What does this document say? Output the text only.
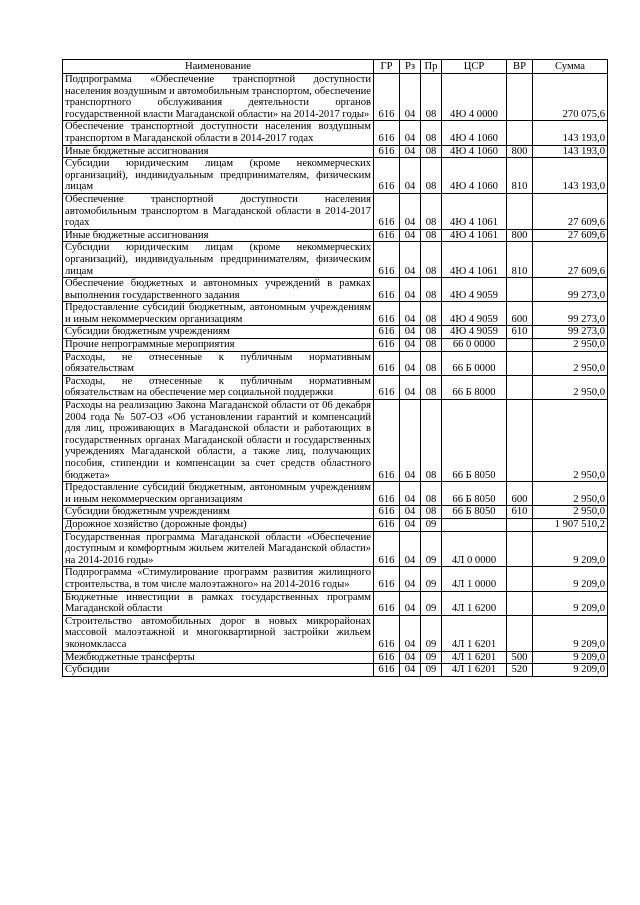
Наименование	ГР	Рз	Пр	ЦСР	ВР	Сумма
Подпрограмма «Обеспечение транспортной доступности населения воздушным и автомобильным транспортом, обеспечение транспортного обслуживания деятельности органов государственной власти Магаданской области» на 2014-2017 годы»	616	04	08	4Ю 4 0000		270 075,6
Обеспечение транспортной доступности населения воздушным транспортом в Магаданской области в 2014-2017 годах	616	04	08	4Ю 4 1060		143 193,0
Иные бюджетные ассигнования	616	04	08	4Ю 4 1060	800	143 193,0
Субсидии юридическим лицам (кроме некоммерческих организаций), индивидуальным предпринимателям, физическим лицам	616	04	08	4Ю 4 1060	810	143 193,0
Обеспечение транспортной доступности населения автомобильным транспортом в Магаданской области в 2014-2017 годах	616	04	08	4Ю 4 1061		27 609,6
Иные бюджетные ассигнования	616	04	08	4Ю 4 1061	800	27 609,6
Субсидии юридическим лицам (кроме некоммерческих организаций), индивидуальным предпринимателям, физическим лицам	616	04	08	4Ю 4 1061	810	27 609,6
Обеспечение бюджетных и автономных учреждений в рамках выполнения государственного задания	616	04	08	4Ю 4 9059		99 273,0
Предоставление субсидий бюджетным, автономным учреждениям и иным некоммерческим организациям	616	04	08	4Ю 4 9059	600	99 273,0
Субсидии бюджетным учреждениям	616	04	08	4Ю 4 9059	610	99 273,0
Прочие непрограммные мероприятия	616	04	08	66 0 0000		2 950,0
Расходы, не отнесенные к публичным нормативным обязательствам	616	04	08	66 Б 0000		2 950,0
Расходы, не отнесенные к публичным нормативным обязательствам на обеспечение мер социальной поддержки	616	04	08	66 Б 8000		2 950,0
Расходы на реализацию Закона Магаданской области от 06 декабря 2004 года № 507-ОЗ «Об установлении гарантий и компенсаций для лиц, проживающих в Магаданской области и работающих в государственных органах Магаданской области и государственных учреждениях Магаданской области, а также лиц, получающих пособия, стипендии и компенсации за счет средств областного бюджета»	616	04	08	66 Б 8050		2 950,0
Предоставление субсидий бюджетным, автономным учреждениям и иным некоммерческим организациям	616	04	08	66 Б 8050	600	2 950,0
Субсидии бюджетным учреждениям	616	04	08	66 Б 8050	610	2 950,0
Дорожное хозяйство (дорожные фонды)	616	04	09			1 907 510,2
Государственная программа Магаданской области «Обеспечение доступным и комфортным жильем жителей Магаданской области» на 2014-2016 годы»	616	04	09	4Л 0 0000		9 209,0
Подпрограмма «Стимулирование программ развития жилищного строительства, в том числе малоэтажного» на 2014-2016 годы»	616	04	09	4Л 1 0000		9 209,0
Бюджетные инвестиции в рамках государственных программ Магаданской области	616	04	09	4Л 1 6200		9 209,0
Строительство автомобильных дорог в новых микрорайонах массовой малоэтажной и многоквартирной застройки жильем экономкласса	616	04	09	4Л 1 6201		9 209,0
Межбюджетные трансферты	616	04	09	4Л 1 6201	500	9 209,0
Субсидии	616	04	09	4Л 1 6201	520	9 209,0
